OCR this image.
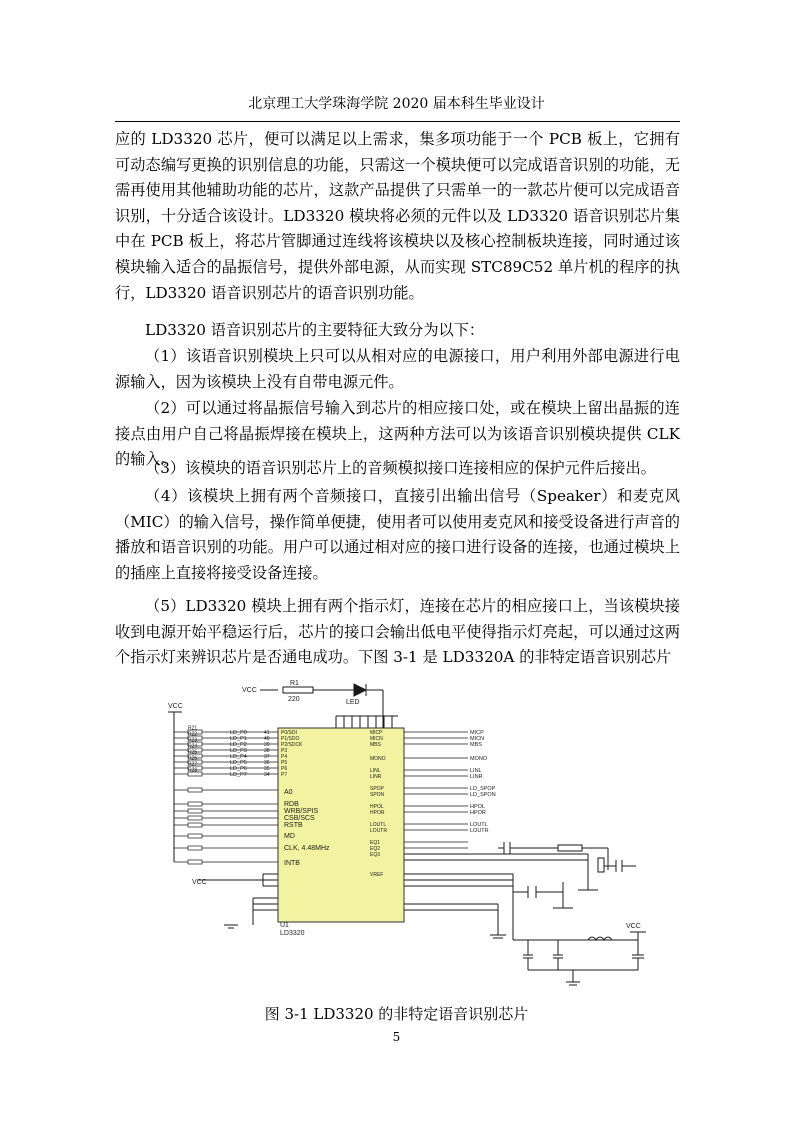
北京理工大学珠海学院 2020 届本科生毕业设计
应的 LD3320 芯片，便可以满足以上需求，集多项功能于一个 PCB 板上，它拥有可动态编写更换的识别信息的功能，只需这一个模块便可以完成语音识别的功能，无需再使用其他辅助功能的芯片，这款产品提供了只需单一的一款芯片便可以完成语音识别，十分适合该设计。LD3320 模块将必须的元件以及 LD3320 语音识别芯片集中在 PCB 板上，将芯片管脚通过连线将该模块以及核心控制板块连接，同时通过该模块输入适合的晶振信号，提供外部电源，从而实现 STC89C52 单片机的程序的执行，LD3320 语音识别芯片的语音识别功能。
LD3320 语音识别芯片的主要特征大致分为以下：
（1）该语音识别模块上只可以从相对应的电源接口，用户利用外部电源进行电源输入，因为该模块上没有自带电源元件。
（2）可以通过将晶振信号输入到芯片的相应接口处，或在模块上留出晶振的连接点由用户自己将晶振焊接在模块上，这两种方法可以为该语音识别模块提供 CLK 的输入。
（3）该模块的语音识别芯片上的音频模拟接口连接相应的保护元件后接出。
（4）该模块上拥有两个音频接口，直接引出输出信号（Speaker）和麦克风（MIC）的输入信号，操作简单便捷，使用者可以使用麦克风和接受设备进行声音的播放和语音识别的功能。用户可以通过相对应的接口进行设备的连接，也通过模块上的插座上直接将接受设备连接。
（5）LD3320 模块上拥有两个指示灯，连接在芯片的相应接口上，当该模块接收到电源开始平稳运行后，芯片的接口会输出低电平使得指示灯亮起，可以通过这两个指示灯来辨识芯片是否通电成功。下图 3-1 是 LD3320A 的非特定语音识别芯片
R21
LD_P0	41 P0/SDI
R22
LD_P1	40 P1/SDO
R23
LD_P2	39 P2/SDCK
R24
LD_P3	38 P3
R25
LD_P4	37 P4
R26
LD_P5	36 P5
R27
LD_P6	35 P6
R28
LD_P7	34 P7
MICP	MICP
MICN	MICN
MBS	MBS
MONO	MONO
LINL	LINL
LINR	LINR
SPOP	LD_SPOP
SPON	LD_SPON
HPOL	HPOL
HPOR	HPOR
LOUTL	LOUTL
LOUTR	LOUTR
EQ1
EQ2
EQ3
VREF
VCC
R1
220	LED
VCC
VCC
U1
LD3320
CLK, 4.48MHz
INTB
MD
A0
RDB
WRB/SPIS
CSB/SCS
RSTB
VCC
图 3-1 LD3320 的非特定语音识别芯片
5
